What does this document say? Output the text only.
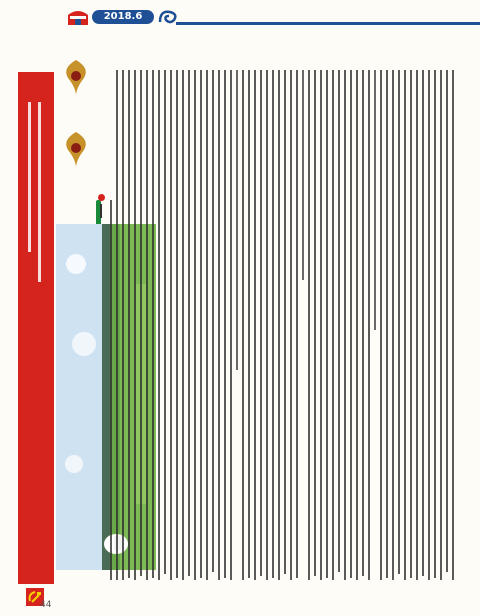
2018.6
44
